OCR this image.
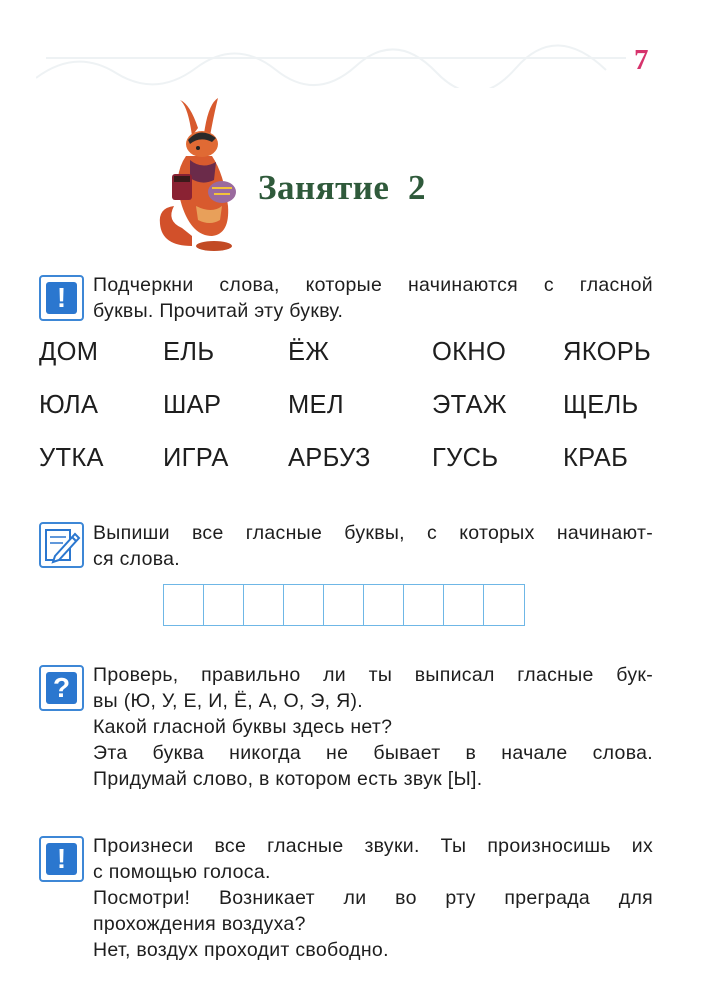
7
Занятие  2
!	Подчеркни слова, которые начинаются с гласной
буквы. Прочитай эту букву.
ДОМ	ЕЛЬ	ЁЖ	ОКНО ЯКОРЬ
ЮЛА	ШАР	МЕЛ	ЭТАЖ ЩЕЛЬ
УТКА ИГРА АРБУЗ ГУСЬ	КРАБ
Выпиши все гласные буквы, с которых начинают-
ся слова.
?	Проверь, правильно ли ты выписал гласные бук-
вы (Ю, У, Е, И, Ё, А, О, Э, Я).
Какой гласной буквы здесь нет?
Эта буква никогда не бывает в начале слова.
Придумай слово, в котором есть звук [Ы].
!	Произнеси все гласные звуки. Ты произносишь их
с помощью голоса.
Посмотри! Возникает ли во рту преграда для
прохождения воздуха?
Нет, воздух проходит свободно.
